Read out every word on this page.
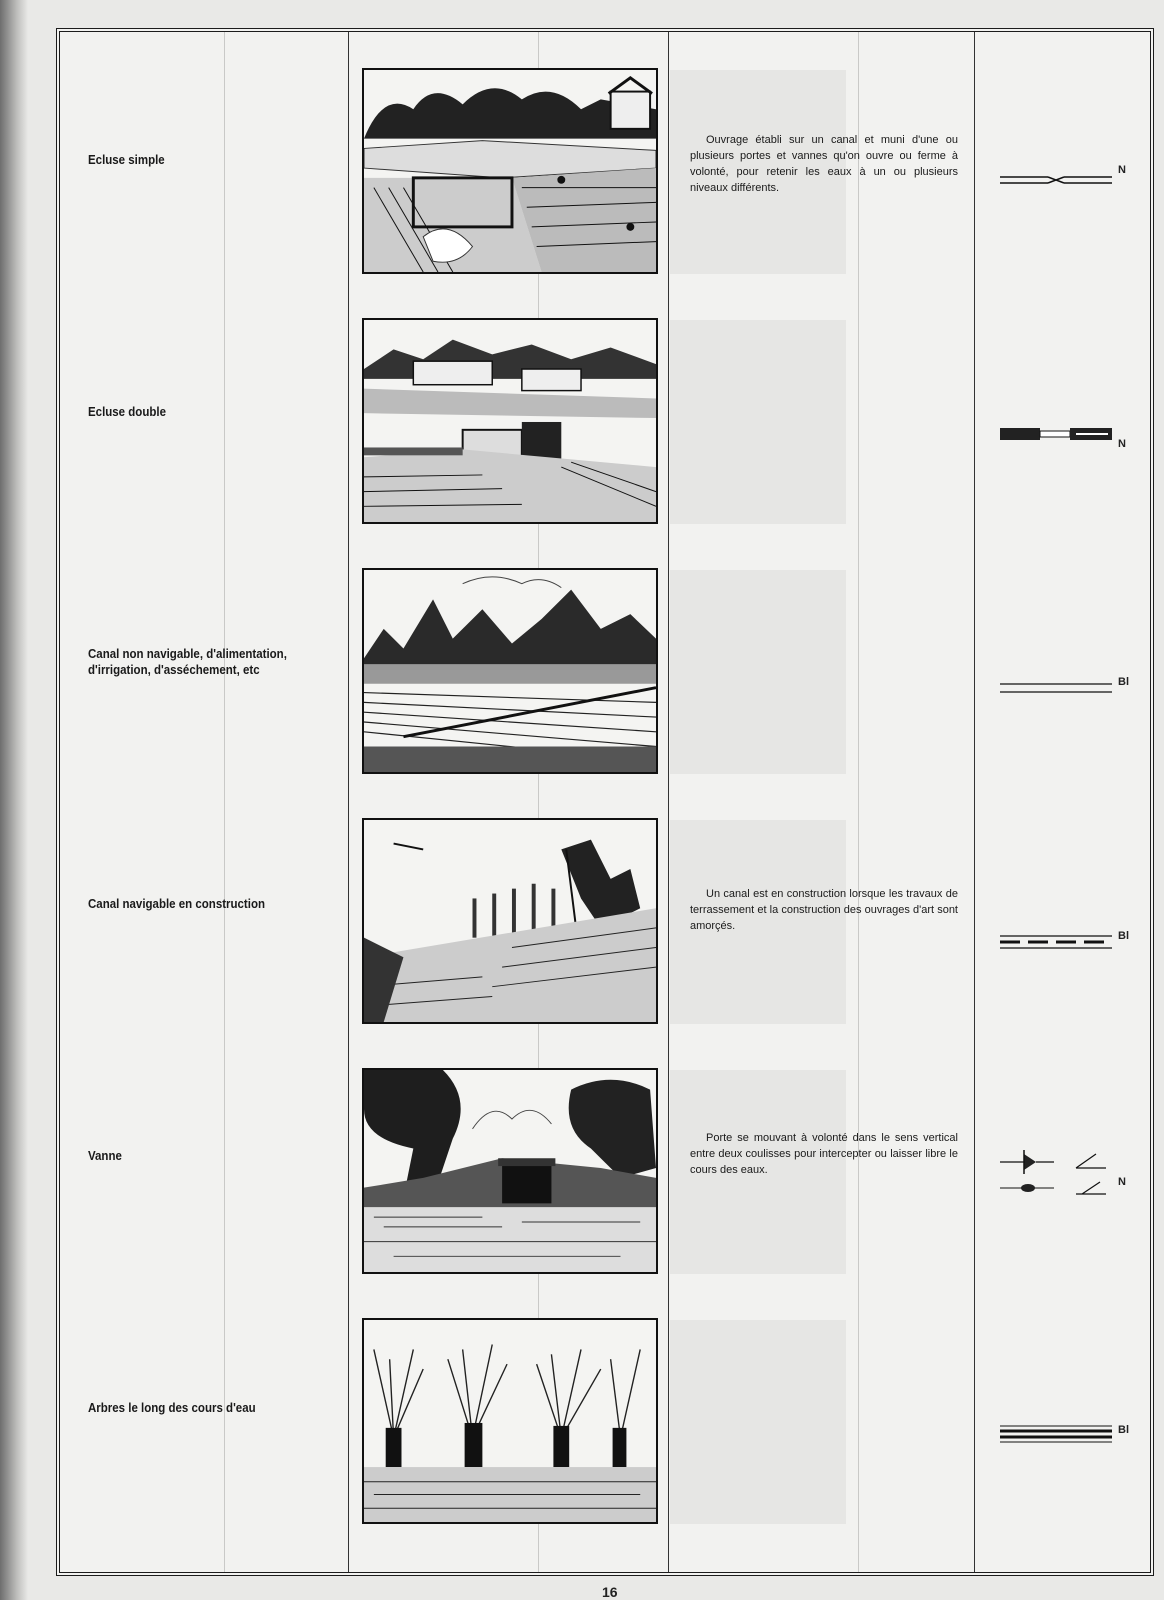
Ecluse simple
Ouvrage établi sur un canal et muni d'une ou plusieurs portes et vannes qu'on ouvre ou ferme à volonté, pour retenir les eaux à un ou plusieurs niveaux différents.
N
Ecluse double
N
Canal non navigable, d'alimentation, d'irrigation, d'asséchement, etc
Bl
Canal navigable en construction
Un canal est en construction lorsque les travaux de terrassement et la construction des ouvrages d'art sont amorçés.
Bl
Vanne
Porte se mouvant à volonté dans le sens vertical entre deux coulisses pour intercepter ou laisser libre le cours des eaux.
N
Arbres le long des cours d'eau
Bl
16
